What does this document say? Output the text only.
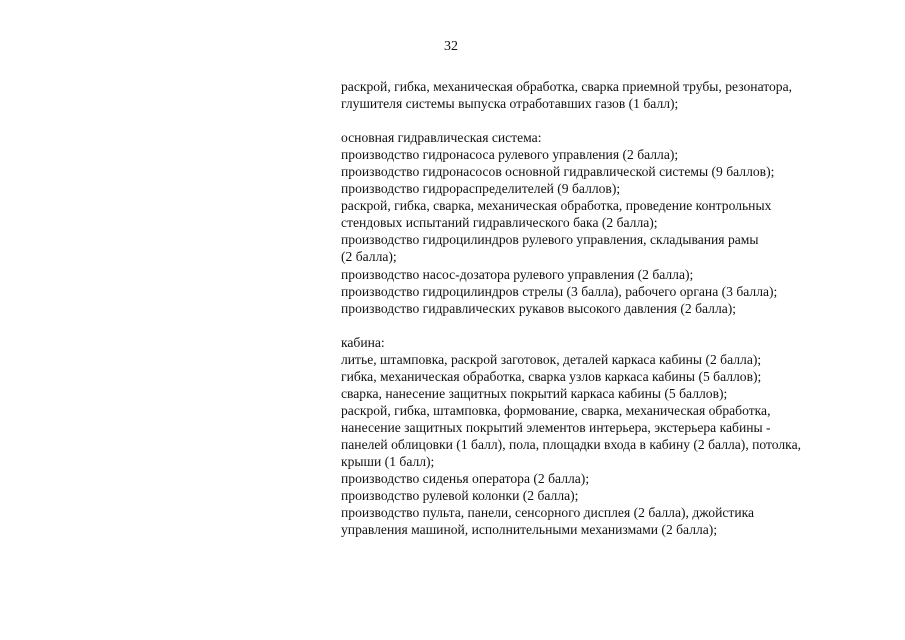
32
раскрой, гибка, механическая обработка, сварка приемной трубы, резонатора,
глушителя системы выпуска отработавших газов (1 балл);
основная гидравлическая система:
производство гидронасоса рулевого управления (2 балла);
производство гидронасосов основной гидравлической системы (9 баллов);
производство гидрораспределителей (9 баллов);
раскрой, гибка, сварка, механическая обработка, проведение контрольных
стендовых испытаний гидравлического бака (2 балла);
производство гидроцилиндров рулевого управления, складывания рамы
(2 балла);
производство насос-дозатора рулевого управления (2 балла);
производство гидроцилиндров стрелы (3 балла), рабочего органа (3 балла);
производство гидравлических рукавов высокого давления (2 балла);
кабина:
литье, штамповка, раскрой заготовок, деталей каркаса кабины (2 балла);
гибка, механическая обработка, сварка узлов каркаса кабины (5 баллов);
сварка, нанесение защитных покрытий каркаса кабины (5 баллов);
раскрой, гибка, штамповка, формование, сварка, механическая обработка,
нанесение защитных покрытий элементов интерьера, экстерьера кабины -
панелей облицовки (1 балл), пола, площадки входа в кабину (2 балла), потолка,
крыши (1 балл);
производство сиденья оператора (2 балла);
производство рулевой колонки (2 балла);
производство пульта, панели, сенсорного дисплея (2 балла), джойстика
управления машиной, исполнительными механизмами (2 балла);
